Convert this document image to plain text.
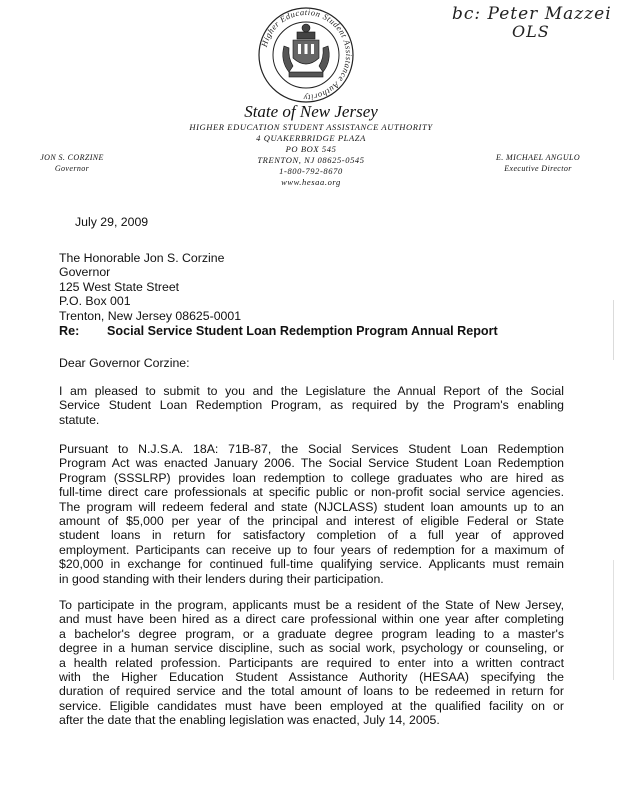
bc: Peter Mazzei
OLS
Higher Education Student Assistance Authority
State of New Jersey
HIGHER EDUCATION STUDENT ASSISTANCE AUTHORITY
4 QUAKERBRIDGE PLAZA
PO BOX 545
TRENTON, NJ 08625-0545
1-800-792-8670
www.hesaa.org
JON S. CORZINE
Governor
E. MICHAEL ANGULO
Executive Director
July 29, 2009
The Honorable Jon S. Corzine
Governor
125 West State Street
P.O. Box 001
Trenton, New Jersey 08625-0001
Re: Social Service Student Loan Redemption Program Annual Report
Dear Governor Corzine:
I am pleased to submit to you and the Legislature the Annual Report of the Social
Service Student Loan Redemption Program, as required by the Program's enabling
statute.
Pursuant to N.J.S.A. 18A: 71B-87, the Social Services Student Loan Redemption
Program Act was enacted January 2006. The Social Service Student Loan Redemption
Program (SSSLRP) provides loan redemption to college graduates who are hired as
full-time direct care professionals at specific public or non-profit social service agencies.
The program will redeem federal and state (NJCLASS) student loan amounts up to an
amount of $5,000 per year of the principal and interest of eligible Federal or State
student loans in return for satisfactory completion of a full year of approved
employment. Participants can receive up to four years of redemption for a maximum of
$20,000 in exchange for continued full-time qualifying service. Applicants must remain
in good standing with their lenders during their participation.
To participate in the program, applicants must be a resident of the State of New Jersey,
and must have been hired as a direct care professional within one year after completing
a bachelor's degree program, or a graduate degree program leading to a master's
degree in a human service discipline, such as social work, psychology or counseling, or
a health related profession. Participants are required to enter into a written contract
with the Higher Education Student Assistance Authority (HESAA) specifying the
duration of required service and the total amount of loans to be redeemed in return for
service. Eligible candidates must have been employed at the qualified facility on or
after the date that the enabling legislation was enacted, July 14, 2005.
